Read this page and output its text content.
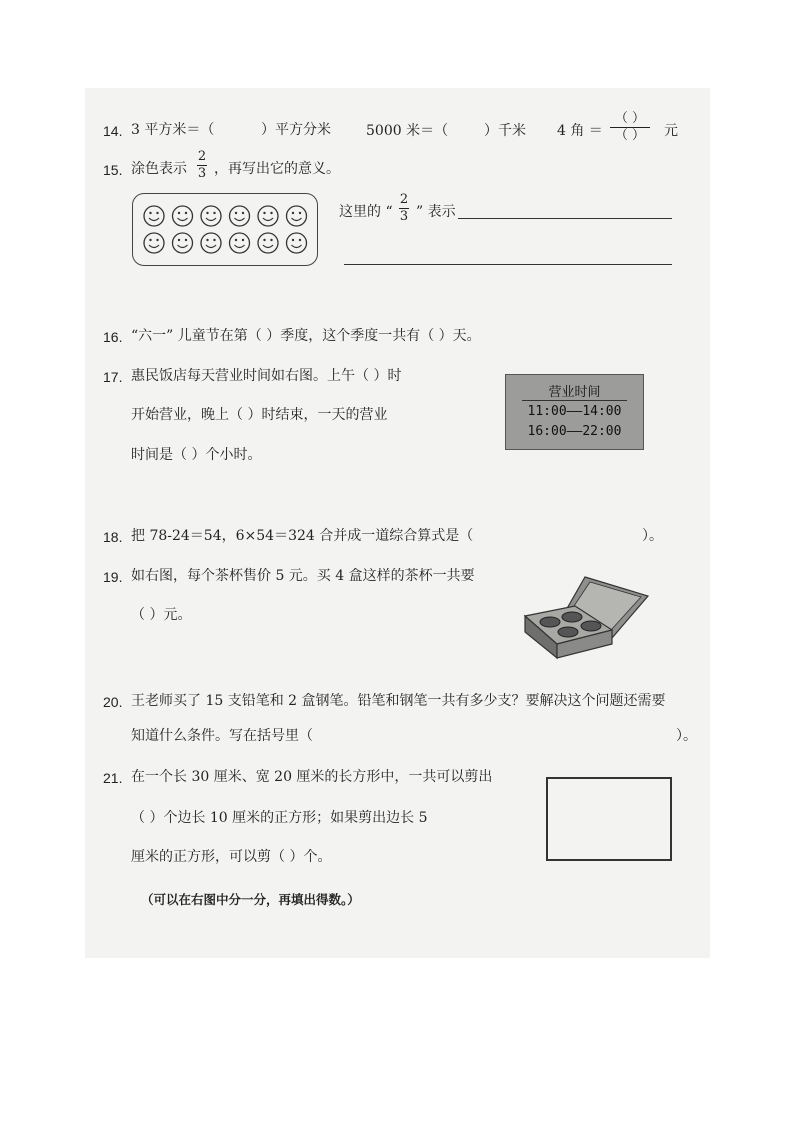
14. 3 平方米＝（	）平方分米	5000 米＝（	）千米 4 角 ＝
（ ）
（ ） 元
15. 涂色表示
2
3 ，再写出它的意义。
这里的 “
2
3 ” 表示
16. “六一” 儿童节在第（ ）季度，这个季度一共有（ ）天。
17. 惠民饭店每天营业时间如右图。上午（ ）时
开始营业，晚上（ ）时结束，一天的营业
时间是（ ）个小时。
营业时间
11:00——14:00
16:00——22:00
18. 把 78-24＝54，6×54＝324 合并成一道综合算式是（	）。
19. 如右图，每个茶杯售价 5 元。买 4 盒这样的茶杯一共要
（ ）元。
20. 王老师买了 15 支铅笔和 2 盒钢笔。铅笔和钢笔一共有多少支？要解决这个问题还需要
知道什么条件。写在括号里（	）。
21. 在一个长 30 厘米、宽 20 厘米的长方形中，一共可以剪出
（ ）个边长 10 厘米的正方形；如果剪出边长 5
厘米的正方形，可以剪（ ）个。
（可以在右图中分一分，再填出得数。）
